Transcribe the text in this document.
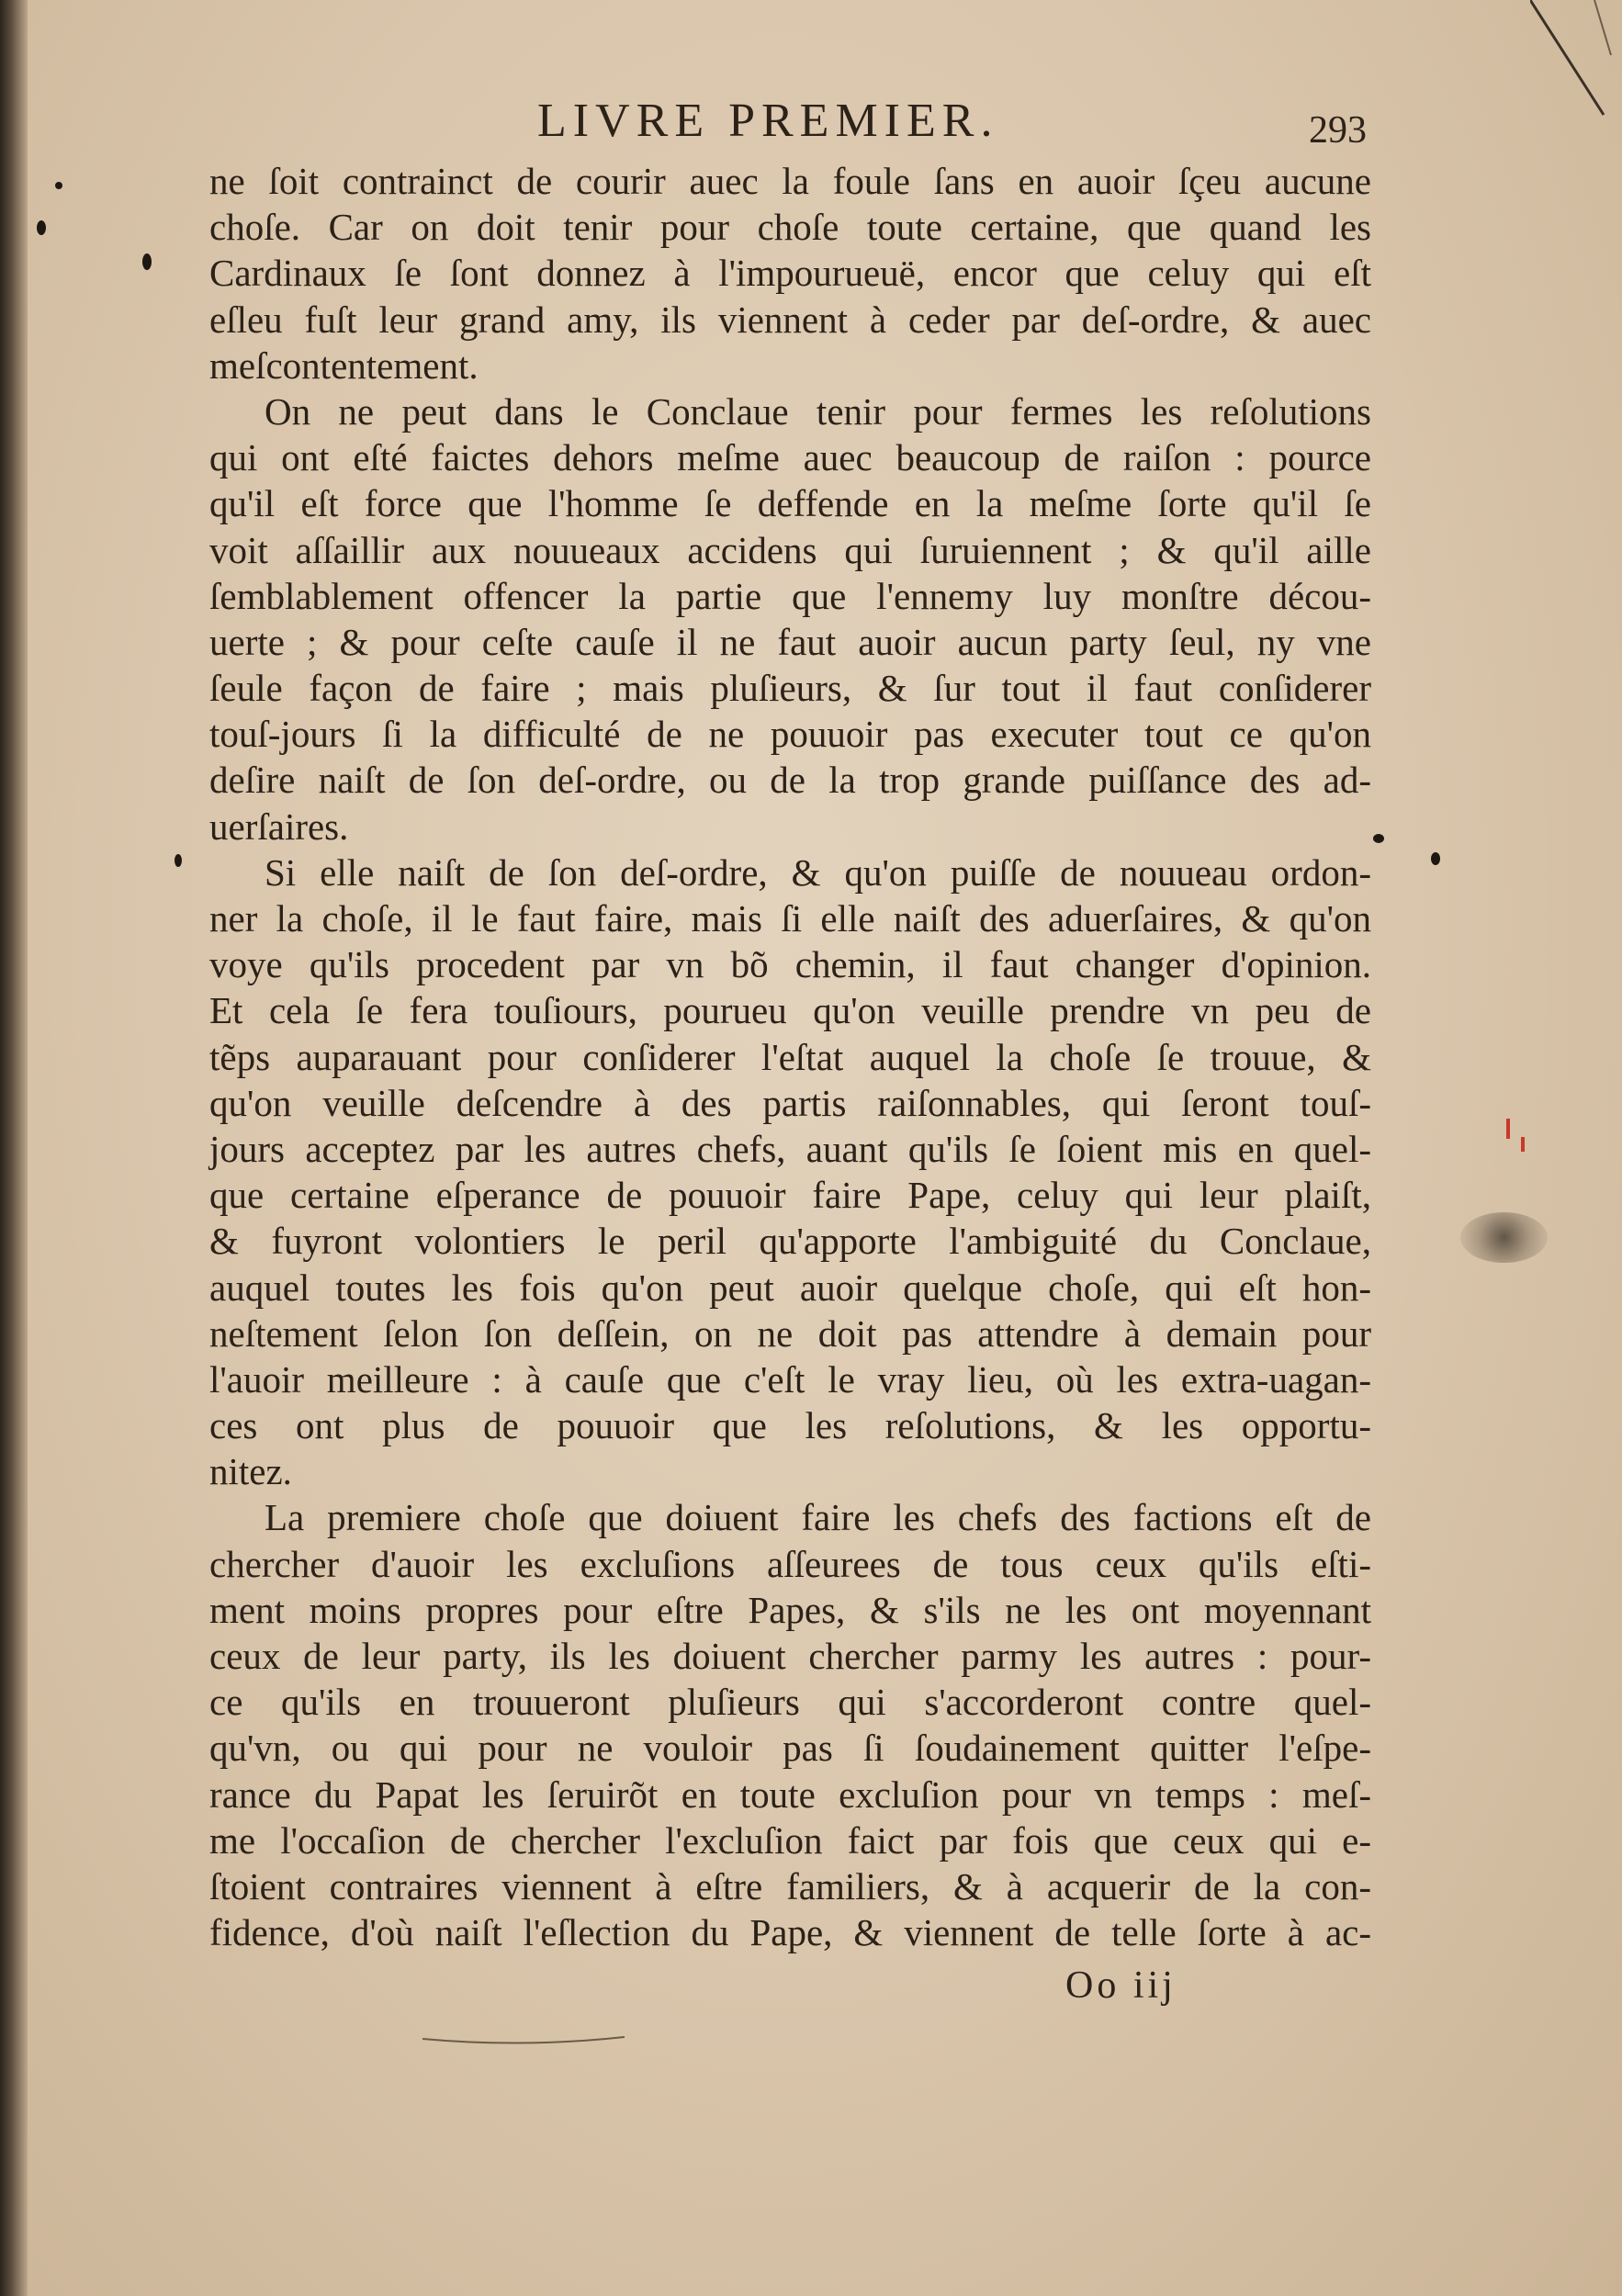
LIVRE PREMIER.	293
ne ſoit contrainct de courir auec la foule ſans en auoir ſçeu aucune
choſe. Car on doit tenir pour choſe toute certaine, que quand les
Cardinaux ſe ſont donnez à l'impourueuë, encor que celuy qui eſt
eſleu fuſt leur grand amy, ils viennent à ceder par deſ-ordre, & auec
meſcontentement.
On ne peut dans le Conclaue tenir pour fermes les reſolutions
qui ont eſté faictes dehors meſme auec beaucoup de raiſon : pource
qu'il eſt force que l'homme ſe deffende en la meſme ſorte qu'il ſe
voit aſſaillir aux nouueaux accidens qui ſuruiennent ; & qu'il aille
ſemblablement offencer la partie que l'ennemy luy monſtre décou-
uerte ; & pour ceſte cauſe il ne faut auoir aucun party ſeul, ny vne
ſeule façon de faire ; mais pluſieurs, & ſur tout il faut conſiderer
touſ-jours ſi la difficulté de ne pouuoir pas executer tout ce qu'on
deſire naiſt de ſon deſ-ordre, ou de la trop grande puiſſance des ad-
uerſaires.
Si elle naiſt de ſon deſ-ordre, & qu'on puiſſe de nouueau ordon-
ner la choſe, il le faut faire, mais ſi elle naiſt des aduerſaires, & qu'on
voye qu'ils procedent par vn bõ chemin, il faut changer d'opinion.
Et cela ſe fera touſiours, pourueu qu'on veuille prendre vn peu de
tẽps auparauant pour conſiderer l'eſtat auquel la choſe ſe trouue, &
qu'on veuille deſcendre à des partis raiſonnables, qui ſeront touſ-
jours acceptez par les autres chefs, auant qu'ils ſe ſoient mis en quel-
que certaine eſperance de pouuoir faire Pape, celuy qui leur plaiſt,
& fuyront volontiers le peril qu'apporte l'ambiguité du Conclaue,
auquel toutes les fois qu'on peut auoir quelque choſe, qui eſt hon-
neſtement ſelon ſon deſſein, on ne doit pas attendre à demain pour
l'auoir meilleure : à cauſe que c'eſt le vray lieu, où les extra-uagan-
ces ont plus de pouuoir que les reſolutions, & les opportu-
nitez.
La premiere choſe que doiuent faire les chefs des factions eſt de
chercher d'auoir les excluſions aſſeurees de tous ceux qu'ils eſti-
ment moins propres pour eſtre Papes, & s'ils ne les ont moyennant
ceux de leur party, ils les doiuent chercher parmy les autres : pour-
ce qu'ils en trouueront pluſieurs qui s'accorderont contre quel-
qu'vn, ou qui pour ne vouloir pas ſi ſoudainement quitter l'eſpe-
rance du Papat les ſeruirõt en toute excluſion pour vn temps : meſ-
me l'occaſion de chercher l'excluſion faict par fois que ceux qui e-
ſtoient contraires viennent à eſtre familiers, & à acquerir de la con-
fidence, d'où naiſt l'eſlection du Pape, & viennent de telle ſorte à ac-
Oo iij
